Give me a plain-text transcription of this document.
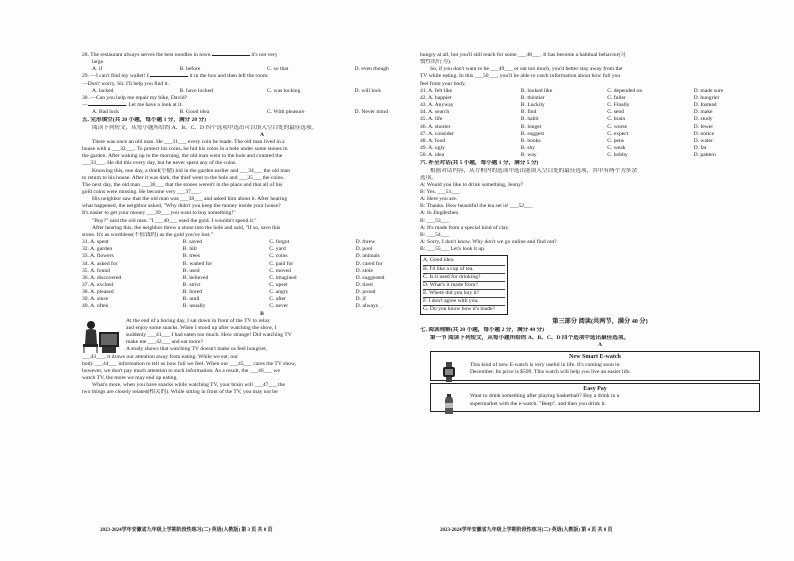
28. The restaurant always serves the best noodles in town	it's not very
large.
A. if	B. before	C. so that	D. even though
29. —I can't find my wallet! I	it in the box and then left the room.
—Don't worry, Sir. I'll help you find it.
A. lacked	B. have locked	C. was locking	D. will lock
30. —Can you help me repair my bike, David?
—	. Let me have a look at it.
A. Bad luck	B. Good idea	C. With pleasure	D. Never mind
五. 完形填空(共 20 小题，每小题 1 分，满分 20 分)
阅读下列短文，从每小题所给的 A、B、C、D 四个选项中选出可以填入空白处的最佳选项。
A
There was once an old man. He ___31___ every coin he made. The old man lived in a
house with a ___32___. To protect his coins, he hid his coins in a hole under some stones in
the garden. After waking up in the morning, the old man went to the hole and counted the
___33___. He did this every day, but he never spent any of the coins.
Knowing this, one day, a thief(小偷) hid in the garden earlier and ___34___ the old man
to return to his house. After it was dark, the thief went to the hole and ___35___ the coins.
The next day, the old man ___36___ that the stones weren't in the place and that all of his
gold coins were missing. He become very ___37___.
His neighbor saw that the old man was ___38___ and asked him about it. After hearing
what happened, the neighbor asked, "Why didn't you keep the money inside your house?
It's easier to get your money ___39___ you want to buy something!"
"Buy?" said the old man. "I ___40___ used the gold. I wouldn't spend it."
After hearing this, the neighbor threw a stone into the hole and said, "If so, save this
stone. It's as worthless(不值钱的) as the gold you've lost."
31. A. spent	B. saved	C. forgot	D. threw
32. A. garden	B. hill	C. yard	D. pool
33. A. flowers	B. trees	C. coins	D. animals
34. A. asked for	B. waited for	C. paid for	D. cared for
35. A. found	B. used	C. moved	D. stole
36. A. discovered	B. believed	C. imagined	D. suggested
37. A. excited	B. strict	C. upset	D. tired
38. A. pleased	B. bored	C. angry	D. proud
39. A. since	B. until	C. after	D. if
40. A. often	B. usually	C. never	D. always
B
At the end of a boring day, I sat down in front of the TV to relax
and enjoy some snacks. When I stood up after watching the show, I
suddenly ___41___ I had eaten too much. How strange! Did watching TV
make me ___42___ and eat more?
A study shows that watching TV doesn't make us feel hungrier,
___43___, it draws our attention away from eating. While we eat, our
body ___44___ information to tell us how full we feel. When our ___45___ cares the TV show,
however, we don't pay much attention to such information. As a result, the ___46___ we
watch TV, the more we may end up eating.
What's more, when you have snacks while watching TV, your brain will ___47___ the
two things are closely related(相关的). While sitting in front of the TV, you may not be
2023-2024学年安徽省九年级上学期阶段性练习(二)·英语(人教版) 第 3 页 共 8 页
hungry at all, but you'll still reach for some ___48___. It has become a habitual behavior(习
惯性的行为).
So, if you don't want to be ___49___ or eat too much, you'd better stay away from the
TV while eating. In this ___50___, you'll be able to catch information about how full you
feel from your body.
41. A. felt like	B. looked like	C. depended on	D. made sure
42. A. happier	B. thirstier	C. fuller	D. hungrier
43. A. Anyway	B. Luckily	C. Finally	D. Instead
44. A. search	B. find	C. send	D. make
45. A. life	B. habit	C. brain	D. study
46. A. shorter	B. longer	C. worse	D. fewer
47. A. consider	B. suggest	C. expect	D. notice
48. A. food	B. books	C. pens	D. water
49. A. ugly	B. shy	C. weak	D. fat
50. A. idea	B. way	C. hobby	D. pattern
六. 补全对话(共 5 小题，每小题 1 分，满分 5 分)
根据对话内容，从方框内的选项中选出能填入空白处的最佳选项，其中有两个为多余
选项。
A: Would you like to drink something, Jenny?
B: Yes. ___51___
A: Here you are.
B: Thanks. How beautiful the tea set is! ___52___
A: In Jingdezhen.
B: ___53___
A: It's made from a special kind of clay.
B: ___54___
A: Sorry, I don't know. Why don't we go online and find out?
B: ___55___ Let's look it up.
A. Good idea.
B. I'd like a cup of tea.
C. Is it used for drinking?
D. What's it made from?
E. Where did you buy it?
F. I don't agree with you.
G. Do you know how it's made?
第三部分 阅读(共两节，满分 40 分)
七. 阅读理解(共 20 小题，每小题 2 分，满分 40 分)
第一节 阅读下列短文，从每小题所给的 A、B、C、D 四个选项中选出最佳选项。
A
New Smart E-watch
This kind of new E-watch is very useful in life. It's coming soon in
December. Its price is $599. This watch will help you live an easier life.
Easy Pay
Want to drink something after playing basketball? Buy a drink in a
supermarket with the e-watch. "Beep", and then you drink it.
2023-2024学年安徽省九年级上学期阶段性练习(二)·英语(人教版) 第 4 页 共 8 页
